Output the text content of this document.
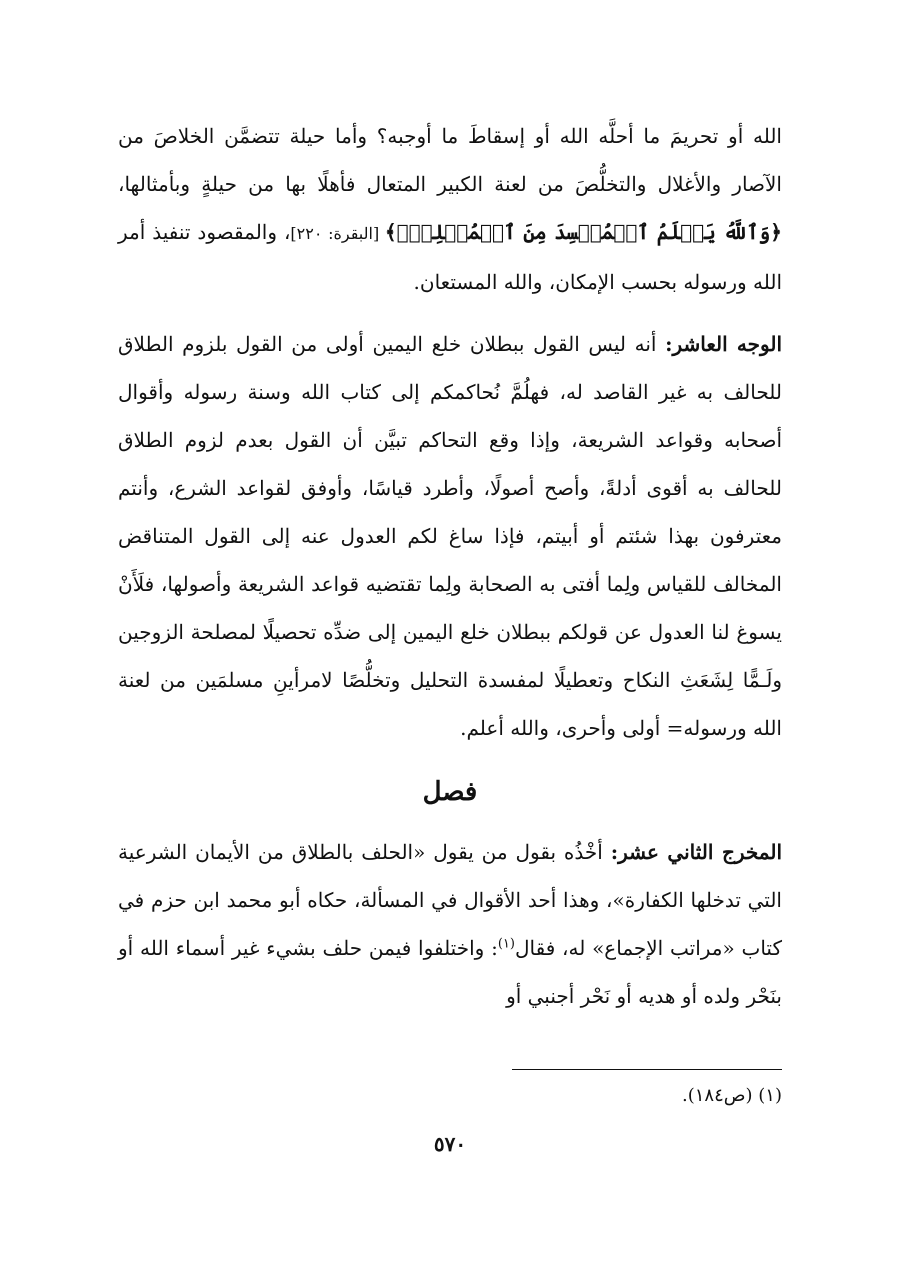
الله أو تحريمَ ما أحلَّه الله أو إسقاطَ ما أوجبه؟ وأما حيلة تتضمَّن الخلاصَ من الآصار والأغلال والتخلُّصَ من لعنة الكبير المتعال فأهلًا بها من حيلةٍ وبأمثالها، ﴿وَٱللَّهُ يَعۡلَمُ ٱلۡمُفۡسِدَ مِنَ ٱلۡمُصۡلِحِۚ﴾ [البقرة: ٢٢٠]، والمقصود تنفيذ أمر الله ورسوله بحسب الإمكان، والله المستعان.

الوجه العاشر: أنه ليس القول ببطلان خلع اليمين أولى من القول بلزوم الطلاق للحالف به غير القاصد له، فهلُمَّ نُحاكمكم إلى كتاب الله وسنة رسوله وأقوال أصحابه وقواعد الشريعة، وإذا وقع التحاكم تبيَّن أن القول بعدم لزوم الطلاق للحالف به أقوى أدلةً، وأصح أصولًا، وأطرد قياسًا، وأوفق لقواعد الشرع، وأنتم معترفون بهذا شئتم أو أبيتم، فإذا ساغ لكم العدول عنه إلى القول المتناقض المخالف للقياس ولِما أفتى به الصحابة ولِما تقتضيه قواعد الشريعة وأصولها، فلَأَنْ يسوغ لنا العدول عن قولكم ببطلان خلع اليمين إلى ضدِّه تحصيلًا لمصلحة الزوجين ولَـمًّا لِشَعَثِ النكاح وتعطيلًا لمفسدة التحليل وتخلُّصًا لامرأينِ مسلمَين من لعنة الله ورسوله= أولى وأحرى، والله أعلم.

فصل

المخرج الثاني عشر: أخْذُه بقول من يقول «الحلف بالطلاق من الأيمان الشرعية التي تدخلها الكفارة»، وهذا أحد الأقوال في المسألة، حكاه أبو محمد ابن حزم في كتاب «مراتب الإجماع» له، فقال$^{(١)}$: واختلفوا فيمن حلف بشيء غير أسماء الله أو بنَحْر ولده أو هديه أو نَحْر أجنبي أو

(١) (ص١٨٤).
٥٧٠
